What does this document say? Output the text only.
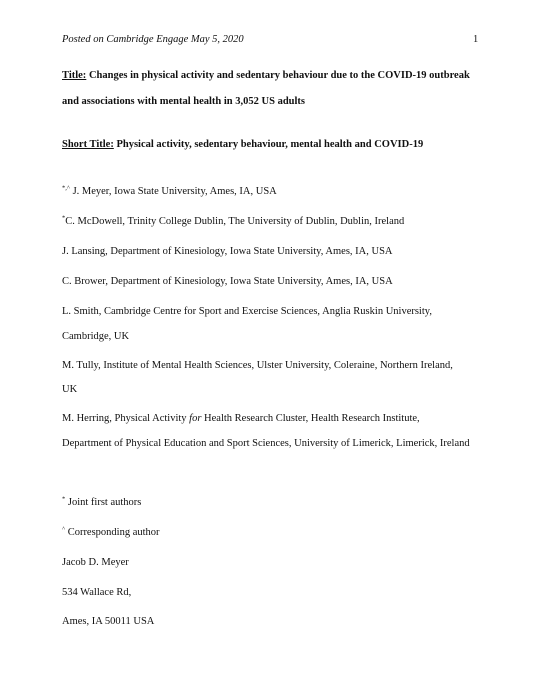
Posted on Cambridge Engage May 5, 2020	1
Title: Changes in physical activity and sedentary behaviour due to the COVID-19 outbreak
and associations with mental health in 3,052 US adults
Short Title: Physical activity, sedentary behaviour, mental health and COVID-19
*,^ J. Meyer, Iowa State University, Ames, IA, USA
*C. McDowell, Trinity College Dublin, The University of Dublin, Dublin, Ireland
J. Lansing, Department of Kinesiology, Iowa State University, Ames, IA, USA
C. Brower, Department of Kinesiology, Iowa State University, Ames, IA, USA
L. Smith, Cambridge Centre for Sport and Exercise Sciences, Anglia Ruskin University,
Cambridge, UK
M. Tully, Institute of Mental Health Sciences, Ulster University, Coleraine, Northern Ireland,
UK
M. Herring, Physical Activity for Health Research Cluster, Health Research Institute,
Department of Physical Education and Sport Sciences, University of Limerick, Limerick, Ireland
* Joint first authors
^ Corresponding author
Jacob D. Meyer
534 Wallace Rd,
Ames, IA 50011 USA
